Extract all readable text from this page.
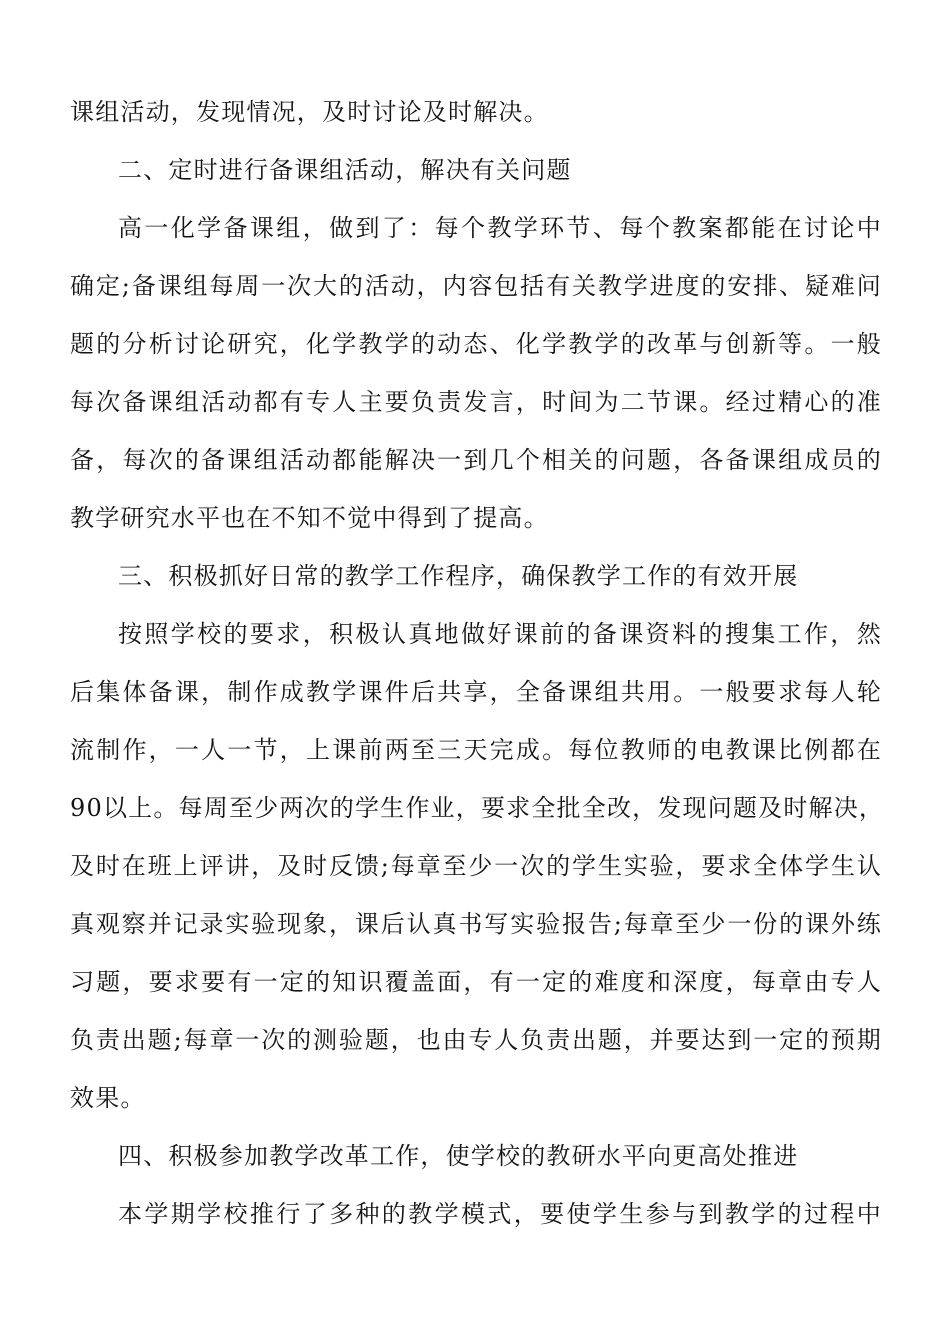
课组活动，发现情况，及时讨论及时解决。
二、定时进行备课组活动，解决有关问题
高一化学备课组，做到了：每个教学环节、每个教案都能在讨论中
确定;备课组每周一次大的活动，内容包括有关教学进度的安排、疑难问
题的分析讨论研究，化学教学的动态、化学教学的改革与创新等。一般
每次备课组活动都有专人主要负责发言，时间为二节课。经过精心的准
备，每次的备课组活动都能解决一到几个相关的问题，各备课组成员的
教学研究水平也在不知不觉中得到了提高。
三、积极抓好日常的教学工作程序，确保教学工作的有效开展
按照学校的要求，积极认真地做好课前的备课资料的搜集工作，然
后集体备课，制作成教学课件后共享，全备课组共用。一般要求每人轮
流制作，一人一节，上课前两至三天完成。每位教师的电教课比例都在
90以上。每周至少两次的学生作业，要求全批全改，发现问题及时解决，
及时在班上评讲，及时反馈;每章至少一次的学生实验，要求全体学生认
真观察并记录实验现象，课后认真书写实验报告;每章至少一份的课外练
习题，要求要有一定的知识覆盖面，有一定的难度和深度，每章由专人
负责出题;每章一次的测验题，也由专人负责出题，并要达到一定的预期
效果。
四、积极参加教学改革工作，使学校的教研水平向更高处推进
本学期学校推行了多种的教学模式，要使学生参与到教学的过程中
